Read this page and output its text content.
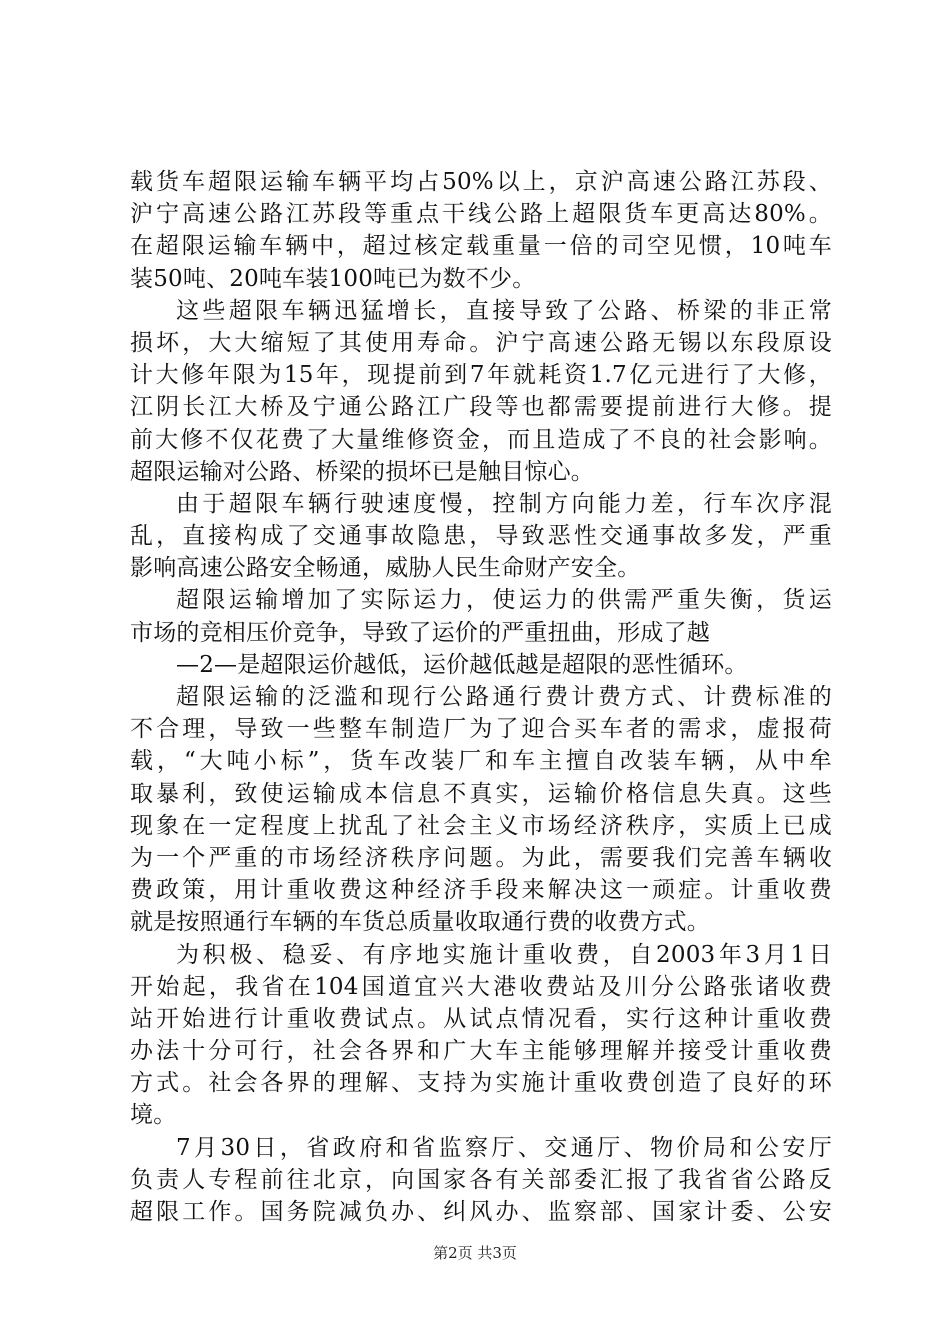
载货车超限运输车辆平均占50%以上，京沪高速公路江苏段、
沪宁高速公路江苏段等重点干线公路上超限货车更高达80%。
在超限运输车辆中，超过核定载重量一倍的司空见惯，10吨车
装50吨、20吨车装100吨已为数不少。
这些超限车辆迅猛增长，直接导致了公路、桥梁的非正常
损坏，大大缩短了其使用寿命。沪宁高速公路无锡以东段原设
计大修年限为15年，现提前到7年就耗资1.7亿元进行了大修，
江阴长江大桥及宁通公路江广段等也都需要提前进行大修。提
前大修不仅花费了大量维修资金，而且造成了不良的社会影响。
超限运输对公路、桥梁的损坏已是触目惊心。
由于超限车辆行驶速度慢，控制方向能力差，行车次序混
乱，直接构成了交通事故隐患，导致恶性交通事故多发，严重
影响高速公路安全畅通，威胁人民生命财产安全。
超限运输增加了实际运力，使运力的供需严重失衡，货运
市场的竞相压价竞争，导致了运价的严重扭曲，形成了越
—2—是超限运价越低，运价越低越是超限的恶性循环。
超限运输的泛滥和现行公路通行费计费方式、计费标准的
不合理，导致一些整车制造厂为了迎合买车者的需求，虚报荷
载，“大吨小标”，货车改装厂和车主擅自改装车辆，从中牟
取暴利，致使运输成本信息不真实，运输价格信息失真。这些
现象在一定程度上扰乱了社会主义市场经济秩序，实质上已成
为一个严重的市场经济秩序问题。为此，需要我们完善车辆收
费政策，用计重收费这种经济手段来解决这一顽症。计重收费
就是按照通行车辆的车货总质量收取通行费的收费方式。
为积极、稳妥、有序地实施计重收费，自2003年3月1日
开始起，我省在104国道宜兴大港收费站及川分公路张诸收费
站开始进行计重收费试点。从试点情况看，实行这种计重收费
办法十分可行，社会各界和广大车主能够理解并接受计重收费
方式。社会各界的理解、支持为实施计重收费创造了良好的环
境。
7月30日，省政府和省监察厅、交通厅、物价局和公安厅
负责人专程前往北京，向国家各有关部委汇报了我省省公路反
超限工作。国务院减负办、纠风办、监察部、国家计委、公安
第2页 共3页
